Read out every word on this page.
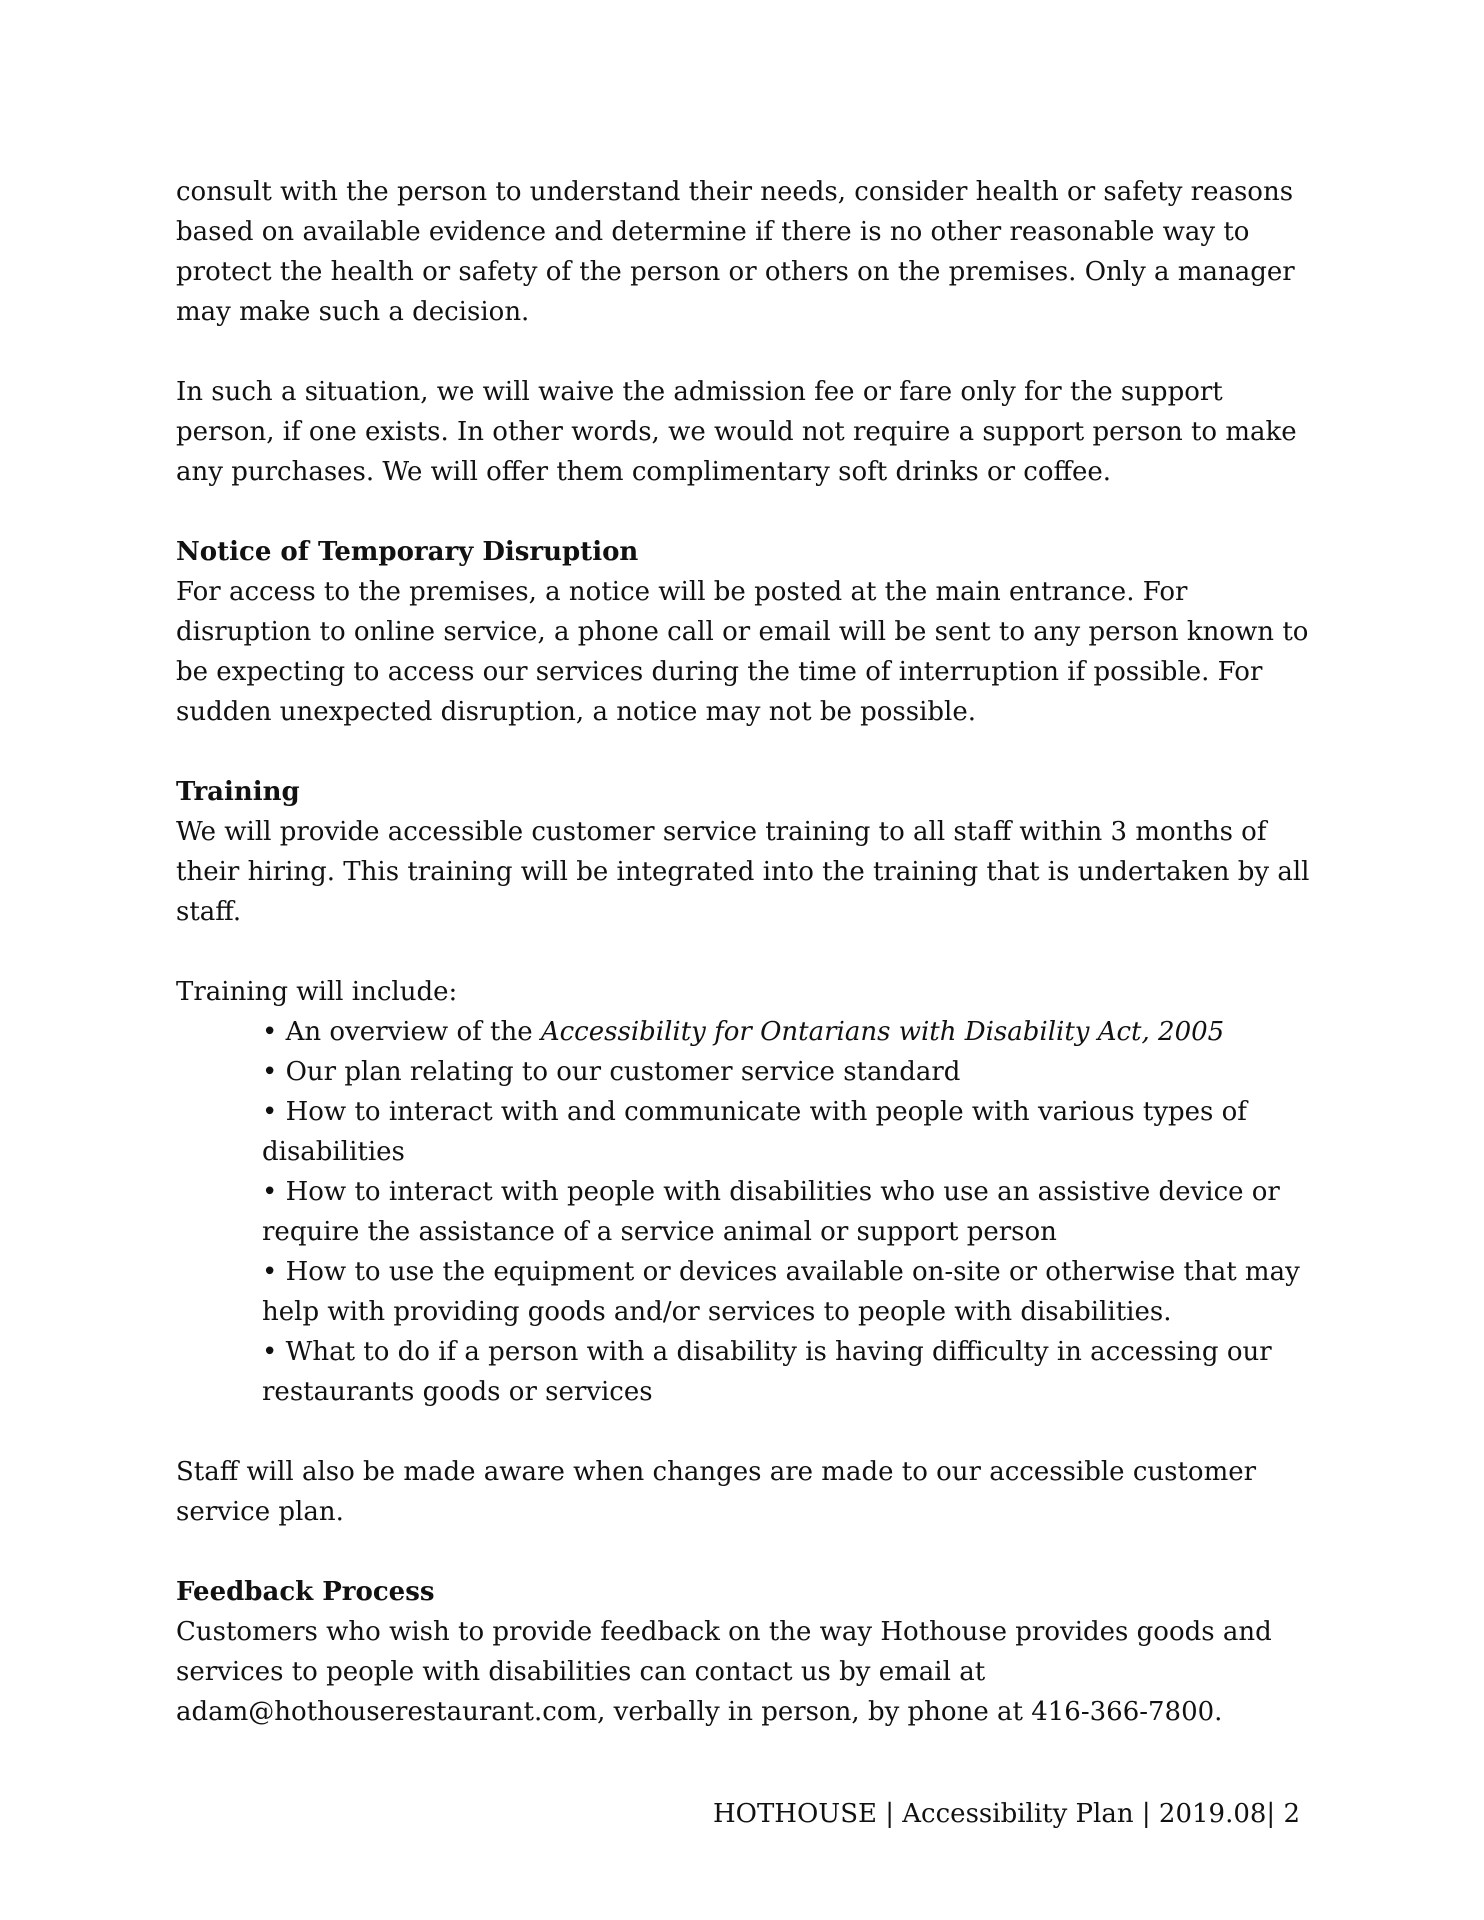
consult with the person to understand their needs, consider health or safety reasons based on available evidence and determine if there is no other reasonable way to protect the health or safety of the person or others on the premises. Only a manager may make such a decision.

In such a situation, we will waive the admission fee or fare only for the support person, if one exists. In other words, we would not require a support person to make any purchases. We will offer them complimentary soft drinks or coffee.

Notice of Temporary Disruption

For access to the premises, a notice will be posted at the main entrance. For disruption to online service, a phone call or email will be sent to any person known to be expecting to access our services during the time of interruption if possible. For sudden unexpected disruption, a notice may not be possible.

Training

We will provide accessible customer service training to all staff within 3 months of their hiring. This training will be integrated into the training that is undertaken by all staff.

Training will include:

• An overview of the Accessibility for Ontarians with Disability Act, 2005
• Our plan relating to our customer service standard
• How to interact with and communicate with people with various types of disabilities
• How to interact with people with disabilities who use an assistive device or require the assistance of a service animal or support person
• How to use the equipment or devices available on-site or otherwise that may help with providing goods and/or services to people with disabilities.
• What to do if a person with a disability is having difficulty in accessing our restaurants goods or services

Staff will also be made aware when changes are made to our accessible customer service plan.

Feedback Process

Customers who wish to provide feedback on the way Hothouse provides goods and services to people with disabilities can contact us by email at adam@hothouserestaurant.com, verbally in person, by phone at 416-366-7800.

HOTHOUSE | Accessibility Plan | 2019.08| 2
